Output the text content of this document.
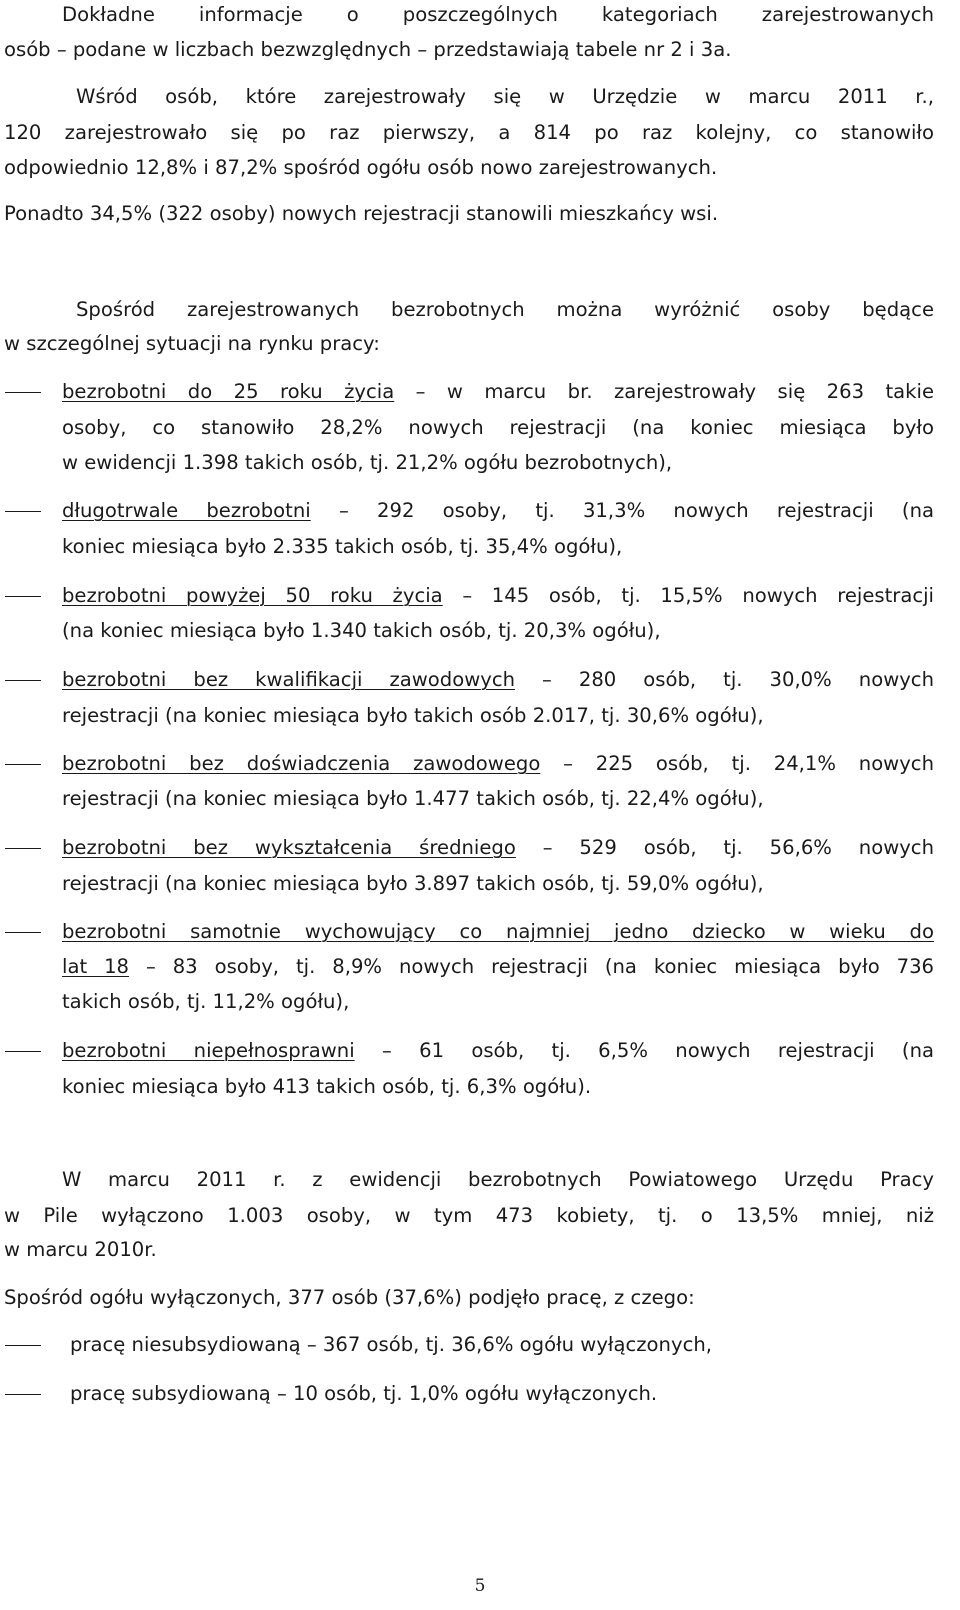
Dokładne informacje o poszczególnych kategoriach zarejestrowanych
osób – podane w liczbach bezwzględnych – przedstawiają tabele nr 2 i 3a.
Wśród osób, które zarejestrowały się w Urzędzie w marcu 2011 r.,
120 zarejestrowało się po raz pierwszy, a 814 po raz kolejny, co stanowiło
odpowiednio 12,8% i 87,2% spośród ogółu osób nowo zarejestrowanych.
Ponadto 34,5% (322 osoby) nowych rejestracji stanowili mieszkańcy wsi.
Spośród zarejestrowanych bezrobotnych można wyróżnić osoby będące
w szczególnej sytuacji na rynku pracy:
bezrobotni do 25 roku życia – w marcu br. zarejestrowały się 263 takie
osoby, co stanowiło 28,2% nowych rejestracji (na koniec miesiąca było
w ewidencji 1.398 takich osób, tj. 21,2% ogółu bezrobotnych),
długotrwale bezrobotni – 292 osoby, tj. 31,3% nowych rejestracji (na
koniec miesiąca było 2.335 takich osób, tj. 35,4% ogółu),
bezrobotni powyżej 50 roku życia – 145 osób, tj. 15,5% nowych rejestracji
(na koniec miesiąca było 1.340 takich osób, tj. 20,3% ogółu),
bezrobotni bez kwalifikacji zawodowych – 280 osób, tj. 30,0% nowych
rejestracji (na koniec miesiąca było takich osób 2.017, tj. 30,6% ogółu),
bezrobotni bez doświadczenia zawodowego – 225 osób, tj. 24,1% nowych
rejestracji (na koniec miesiąca było 1.477 takich osób, tj. 22,4% ogółu),
bezrobotni bez wykształcenia średniego – 529 osób, tj. 56,6% nowych
rejestracji (na koniec miesiąca było 3.897 takich osób, tj. 59,0% ogółu),
bezrobotni samotnie wychowujący co najmniej jedno dziecko w wieku do
lat 18 – 83 osoby, tj. 8,9% nowych rejestracji (na koniec miesiąca było 736
takich osób, tj. 11,2% ogółu),
bezrobotni niepełnosprawni – 61 osób, tj. 6,5% nowych rejestracji (na
koniec miesiąca było 413 takich osób, tj. 6,3% ogółu).
W marcu 2011 r. z ewidencji bezrobotnych Powiatowego Urzędu Pracy
w Pile wyłączono 1.003 osoby, w tym 473 kobiety, tj. o 13,5% mniej, niż
w marcu 2010r.
Spośród ogółu wyłączonych, 377 osób (37,6%) podjęło pracę, z czego:
pracę niesubsydiowaną – 367 osób, tj. 36,6% ogółu wyłączonych,
pracę subsydiowaną – 10 osób, tj. 1,0% ogółu wyłączonych.
5
